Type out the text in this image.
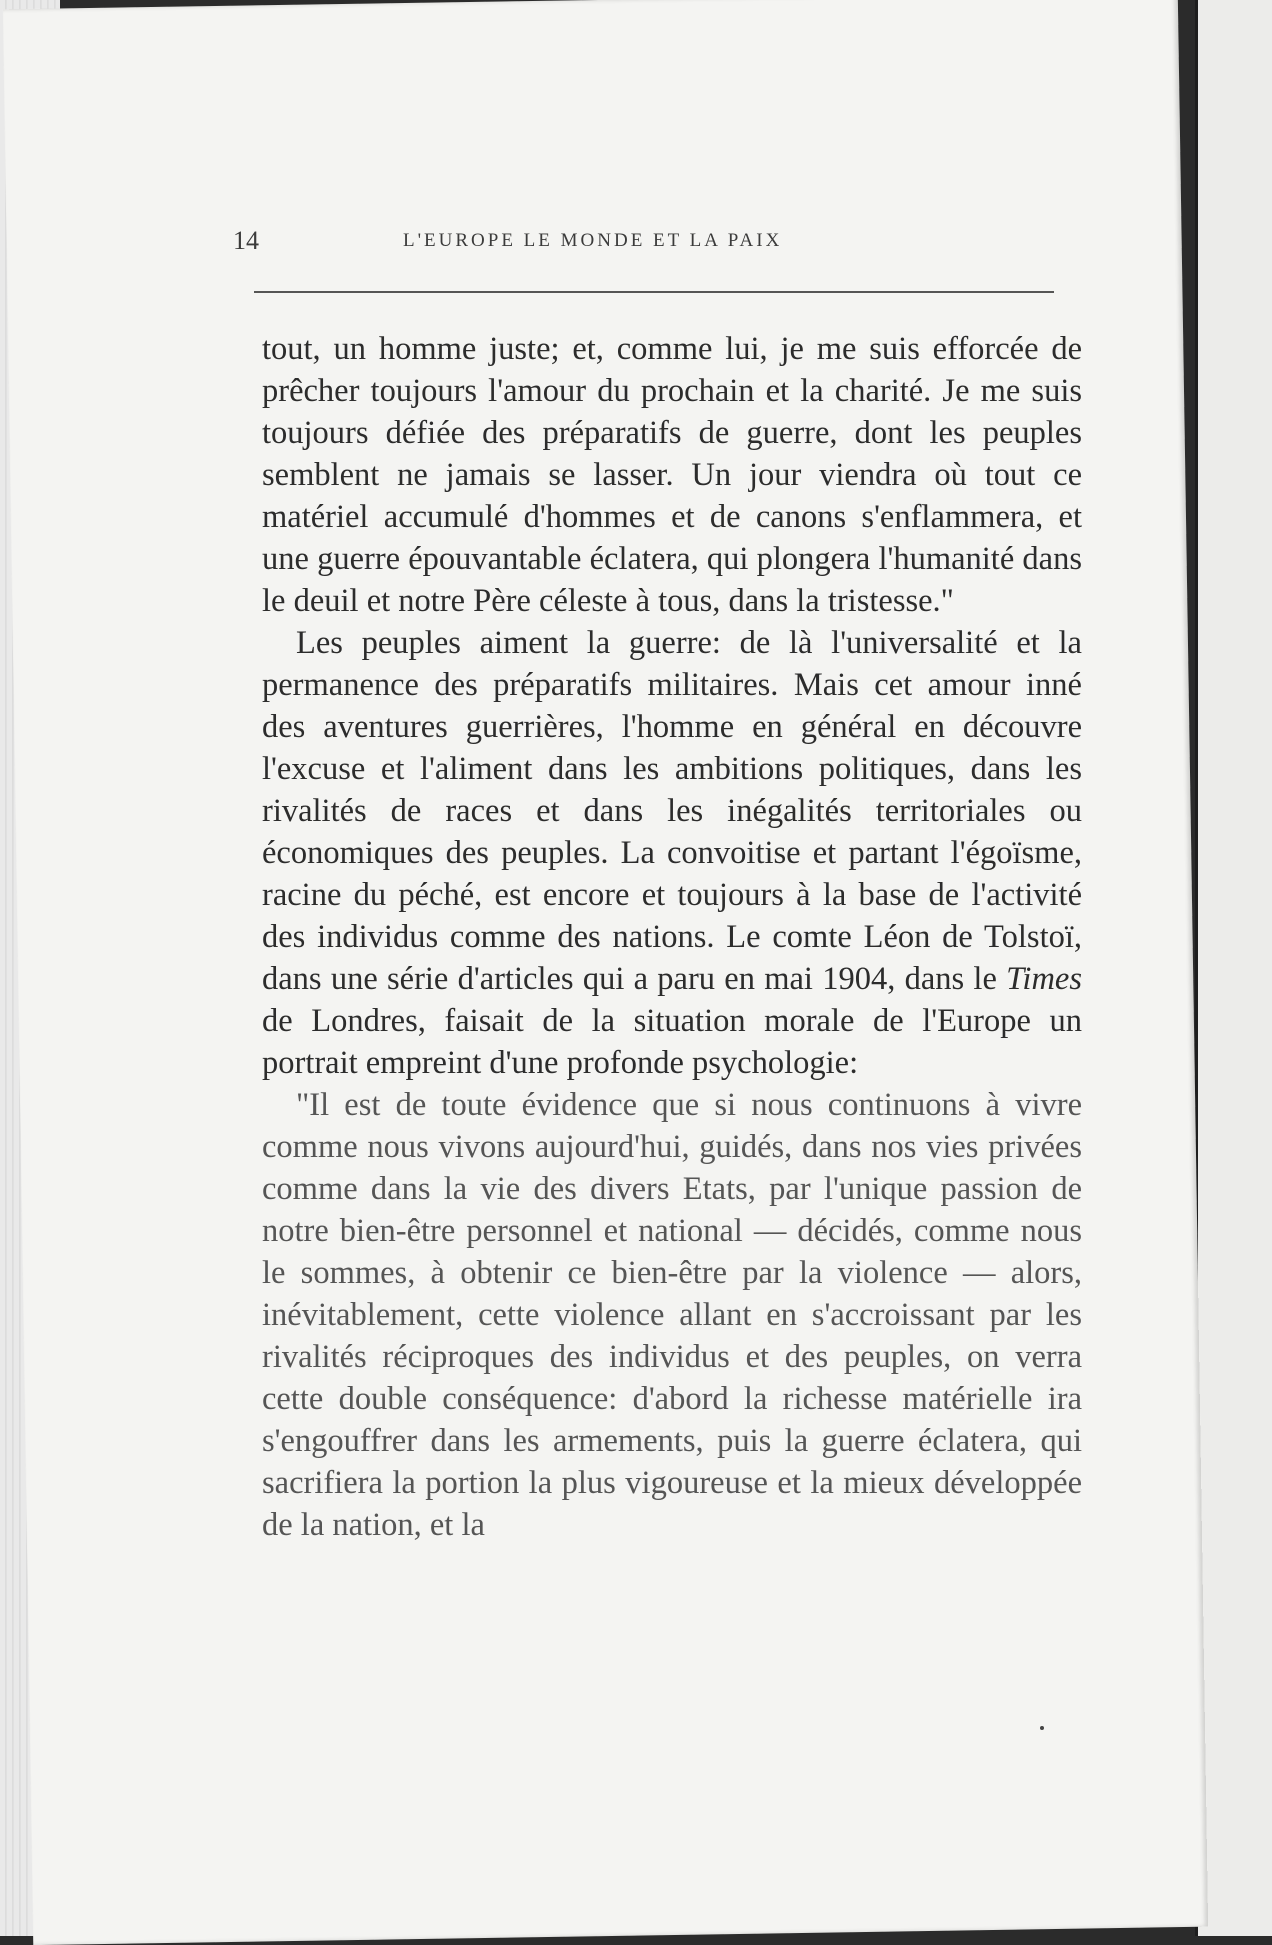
14	L'EUROPE LE MONDE ET LA PAIX

tout, un homme juste; et, comme lui, je me suis efforcée de prêcher toujours l'amour du prochain et la charité. Je me suis toujours défiée des préparatifs de guerre, dont les peuples semblent ne jamais se lasser. Un jour viendra où tout ce matériel accumulé d'hommes et de canons s'enflammera, et une guerre épouvantable éclatera, qui plongera l'humanité dans le deuil et notre Père céleste à tous, dans la tristesse."

Les peuples aiment la guerre: de là l'universalité et la permanence des préparatifs militaires. Mais cet amour inné des aventures guerrières, l'homme en général en découvre l'excuse et l'aliment dans les ambitions politiques, dans les rivalités de races et dans les inégalités territoriales ou économiques des peuples. La convoitise et partant l'égoïsme, racine du péché, est encore et toujours à la base de l'activité des individus comme des nations. Le comte Léon de Tolstoï, dans une série d'articles qui a paru en mai 1904, dans le Times de Londres, faisait de la situation morale de l'Europe un portrait empreint d'une profonde psychologie:

"Il est de toute évidence que si nous continuons à vivre comme nous vivons aujourd'hui, guidés, dans nos vies privées comme dans la vie des divers Etats, par l'unique passion de notre bien-être personnel et national — décidés, comme nous le sommes, à obtenir ce bien-être par la violence — alors, inévitablement, cette violence allant en s'accroissant par les rivalités réciproques des individus et des peuples, on verra cette double conséquence: d'abord la richesse matérielle ira s'engouffrer dans les armements, puis la guerre éclatera, qui sacrifiera la portion la plus vigoureuse et la mieux développée de la nation, et la
